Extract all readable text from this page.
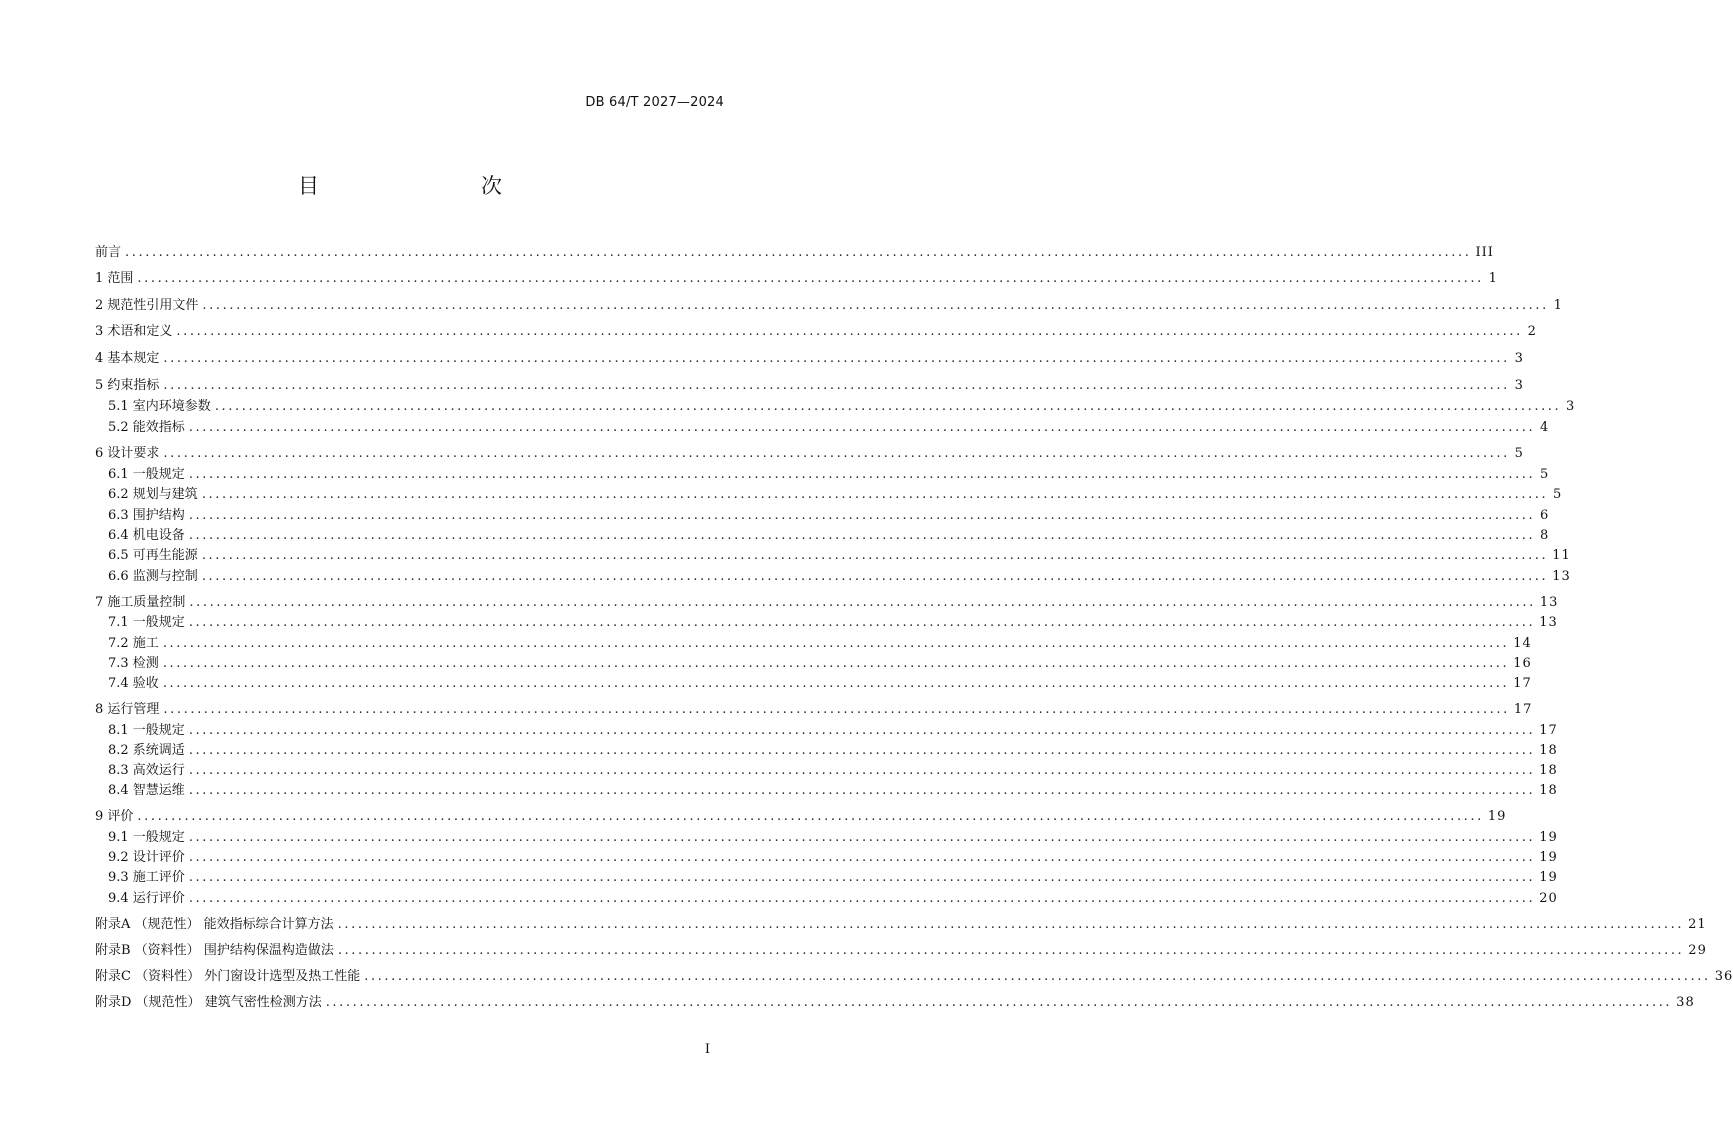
DB 64/T 2027—2024
目　　次
前言 ........................................................................................................................................................................................................ III
1 范围 ........................................................................................................................................................................................................ 1
2 规范性引用文件 ........................................................................................................................................................................................................ 1
3 术语和定义 ........................................................................................................................................................................................................ 2
4 基本规定 ........................................................................................................................................................................................................ 3
5 约束指标 ........................................................................................................................................................................................................ 3
5.1 室内环境参数 ........................................................................................................................................................................................................ 3
5.2 能效指标 ........................................................................................................................................................................................................ 4
6 设计要求 ........................................................................................................................................................................................................ 5
6.1 一般规定 ........................................................................................................................................................................................................ 5
6.2 规划与建筑 ........................................................................................................................................................................................................ 5
6.3 围护结构 ........................................................................................................................................................................................................ 6
6.4 机电设备 ........................................................................................................................................................................................................ 8
6.5 可再生能源 ........................................................................................................................................................................................................ 11
6.6 监测与控制 ........................................................................................................................................................................................................ 13
7 施工质量控制 ........................................................................................................................................................................................................ 13
7.1 一般规定 ........................................................................................................................................................................................................ 13
7.2 施工 ........................................................................................................................................................................................................ 14
7.3 检测 ........................................................................................................................................................................................................ 16
7.4 验收 ........................................................................................................................................................................................................ 17
8 运行管理 ........................................................................................................................................................................................................ 17
8.1 一般规定 ........................................................................................................................................................................................................ 17
8.2 系统调适 ........................................................................................................................................................................................................ 18
8.3 高效运行 ........................................................................................................................................................................................................ 18
8.4 智慧运维 ........................................................................................................................................................................................................ 18
9 评价 ........................................................................................................................................................................................................ 19
9.1 一般规定 ........................................................................................................................................................................................................ 19
9.2 设计评价 ........................................................................................................................................................................................................ 19
9.3 施工评价 ........................................................................................................................................................................................................ 19
9.4 运行评价 ........................................................................................................................................................................................................ 20
附录A （规范性） 能效指标综合计算方法 ........................................................................................................................................................................................................ 21
附录B （资料性） 围护结构保温构造做法 ........................................................................................................................................................................................................ 29
附录C （资料性） 外门窗设计选型及热工性能 ........................................................................................................................................................................................................ 36
附录D （规范性） 建筑气密性检测方法 ........................................................................................................................................................................................................ 38
I
